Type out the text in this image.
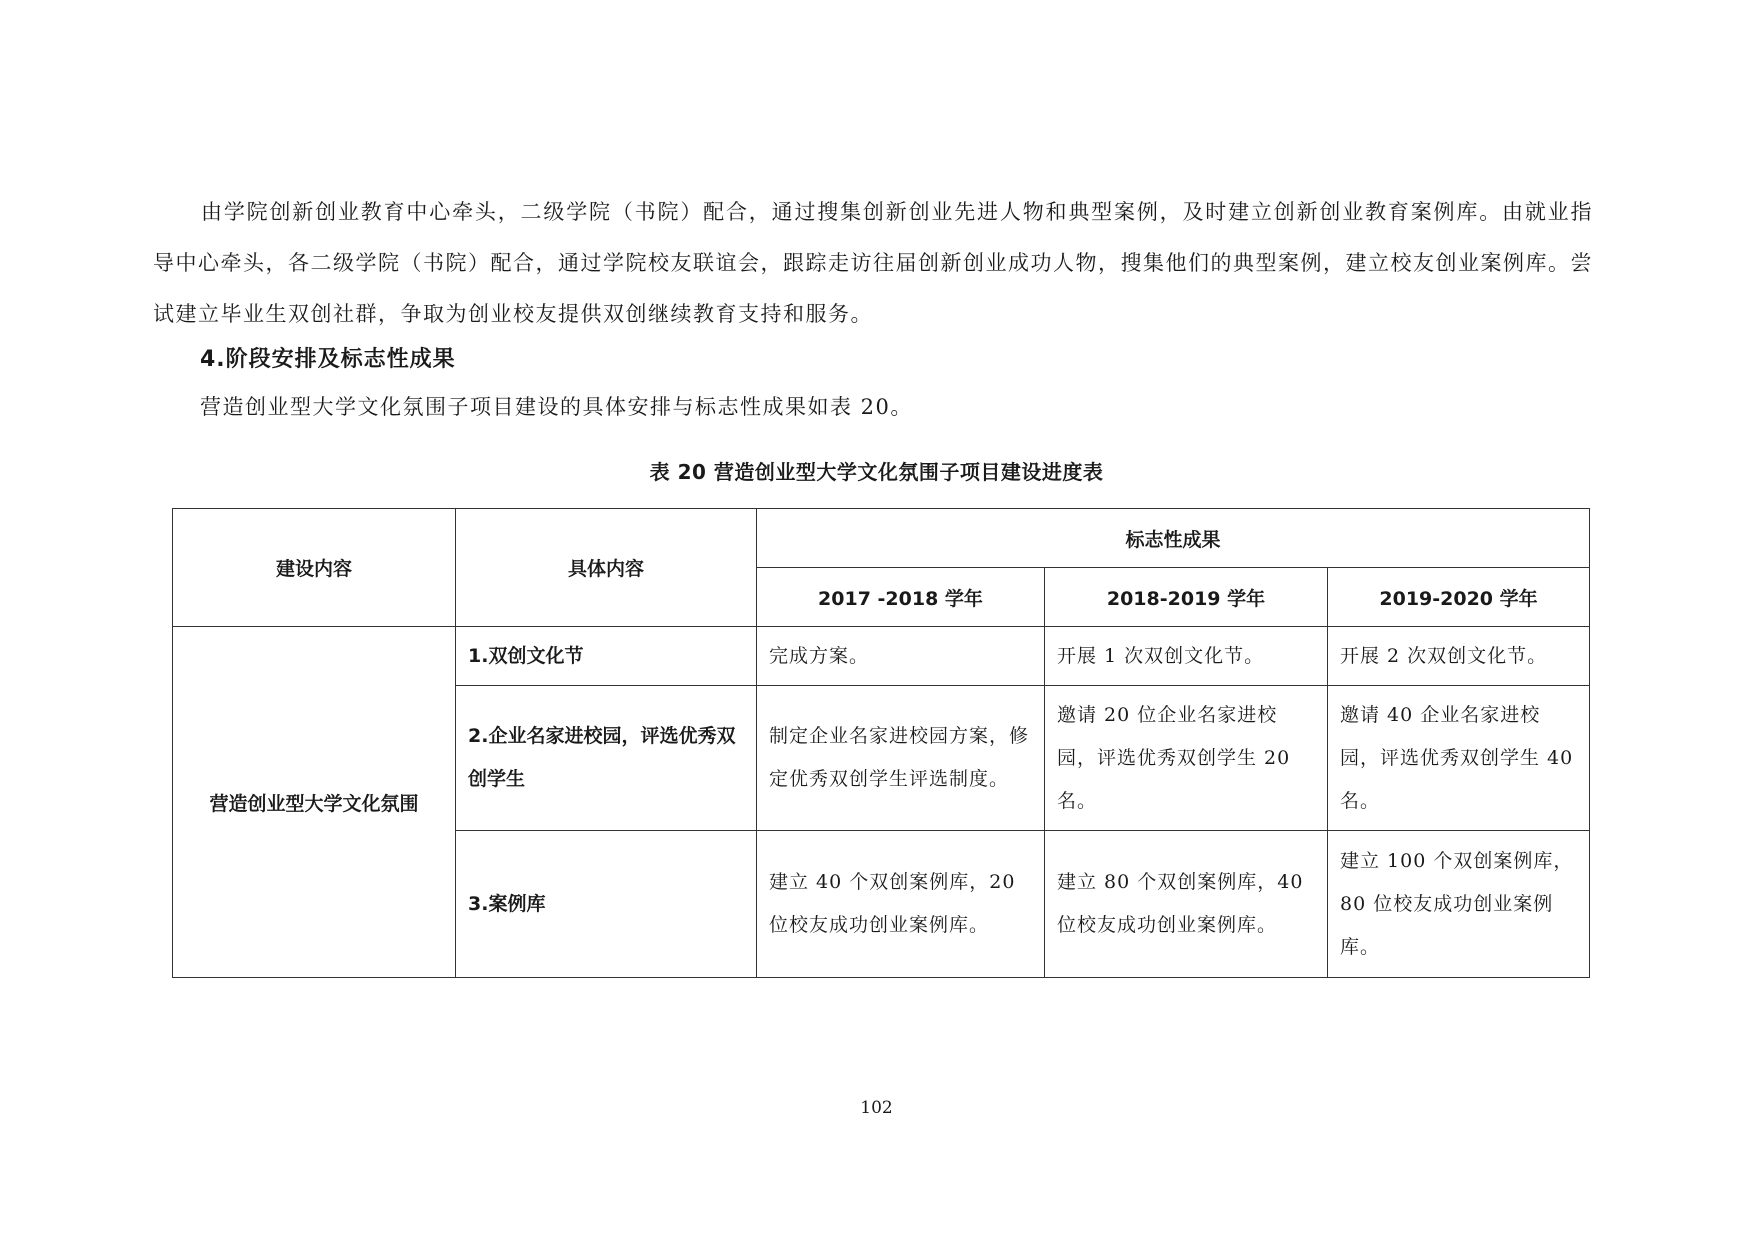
由学院创新创业教育中心牵头，二级学院（书院）配合，通过搜集创新创业先进人物和典型案例，及时建立创新创业教育案例库。由就业指导中心牵头，各二级学院（书院）配合，通过学院校友联谊会，跟踪走访往届创新创业成功人物，搜集他们的典型案例，建立校友创业案例库。尝试建立毕业生双创社群，争取为创业校友提供双创继续教育支持和服务。
4.阶段安排及标志性成果
营造创业型大学文化氛围子项目建设的具体安排与标志性成果如表 20。
表 20 营造创业型大学文化氛围子项目建设进度表
建设内容	具体内容	标志性成果		
		2017 -2018 学年	2018-2019 学年	2019-2020 学年
营造创业型大学文化氛围	1.双创文化节	完成方案。	开展 1 次双创文化节。	开展 2 次双创文化节。
	2.企业名家进校园，评选优秀双创学生	制定企业名家进校园方案，修定优秀双创学生评选制度。	邀请 20 位企业名家进校园，评选优秀双创学生 20 名。	邀请 40 企业名家进校园，评选优秀双创学生 40 名。
	3.案例库	建立 40 个双创案例库，20 位校友成功创业案例库。	建立 80 个双创案例库，40 位校友成功创业案例库。	建立 100 个双创案例库，80 位校友成功创业案例库。
102
